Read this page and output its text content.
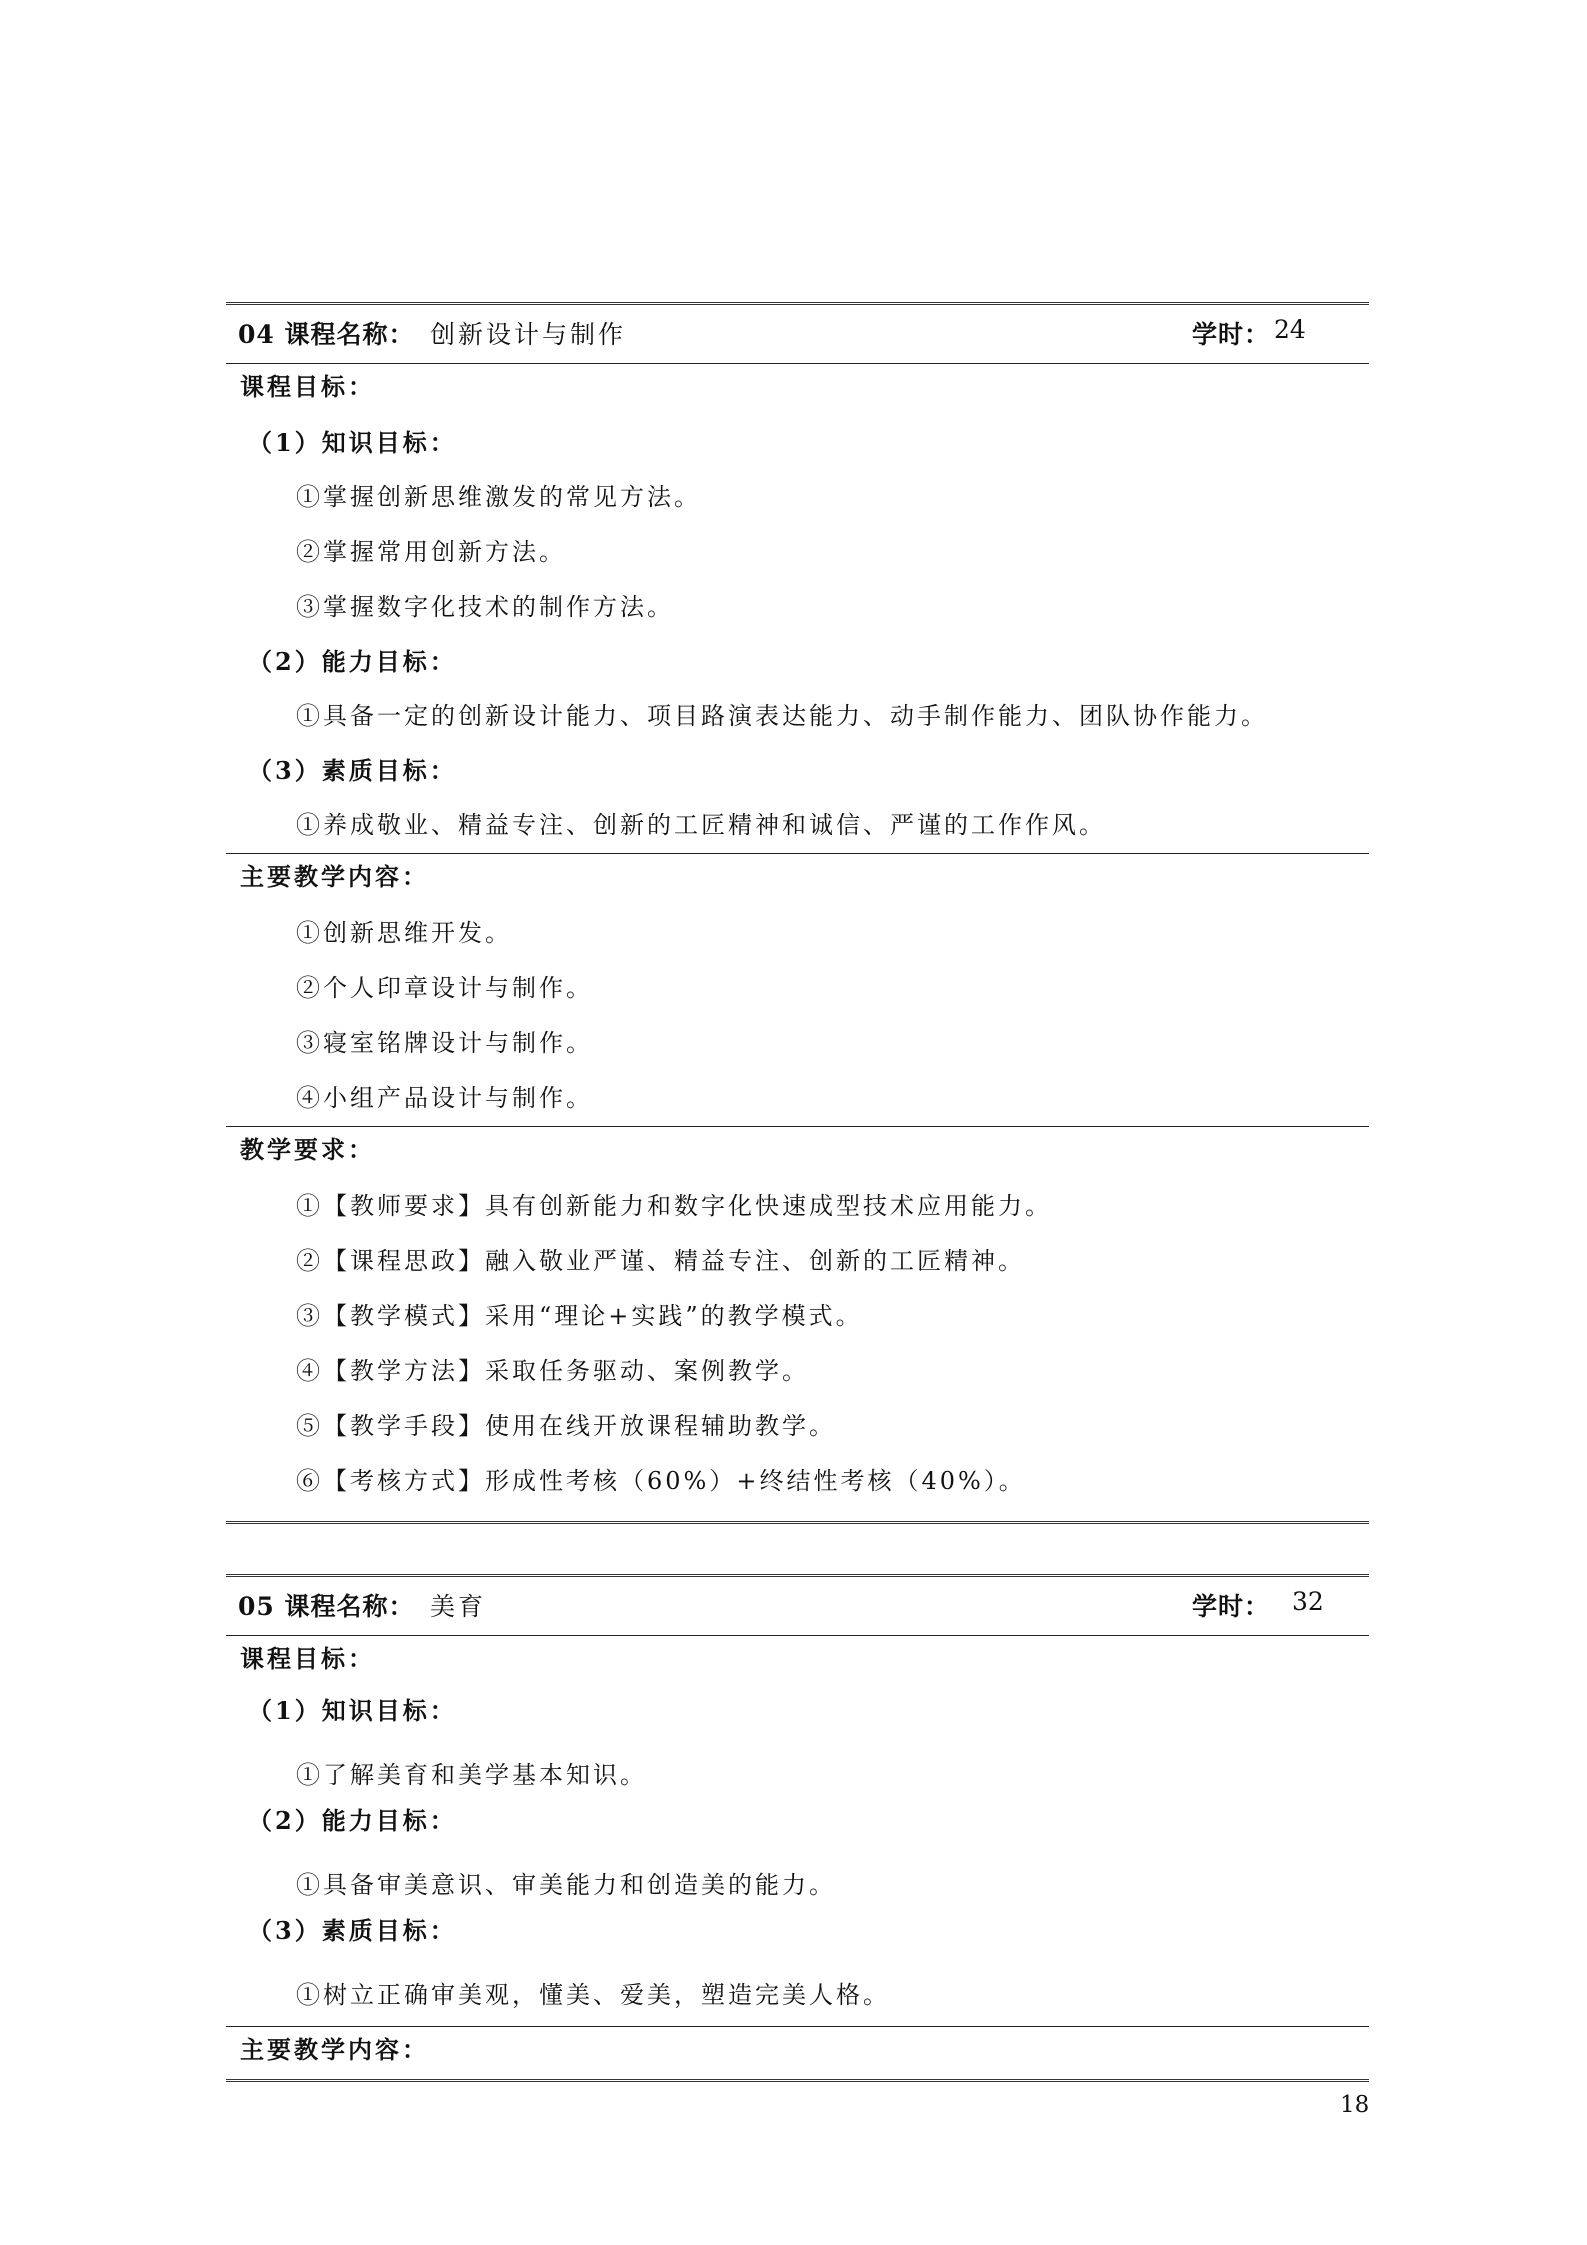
04 课程名称： 创新设计与制作	学时： 24
课程目标：
（1）知识目标：
①掌握创新思维激发的常见方法。
②掌握常用创新方法。
③掌握数字化技术的制作方法。
（2）能力目标：
①具备一定的创新设计能力、项目路演表达能力、动手制作能力、团队协作能力。
（3）素质目标：
①养成敬业、精益专注、创新的工匠精神和诚信、严谨的工作作风。
主要教学内容：
①创新思维开发。
②个人印章设计与制作。
③寝室铭牌设计与制作。
④小组产品设计与制作。
教学要求：
①【教师要求】具有创新能力和数字化快速成型技术应用能力。
②【课程思政】融入敬业严谨、精益专注、创新的工匠精神。
③【教学模式】采用“理论+实践”的教学模式。
④【教学方法】采取任务驱动、案例教学。
⑤【教学手段】使用在线开放课程辅助教学。
⑥【考核方式】形成性考核（60%）+终结性考核（40%）。
05 课程名称： 美育	学时： 32
课程目标：
（1）知识目标：
①了解美育和美学基本知识。
（2）能力目标：
①具备审美意识、审美能力和创造美的能力。
（3）素质目标：
①树立正确审美观，懂美、爱美，塑造完美人格。
主要教学内容：
18
